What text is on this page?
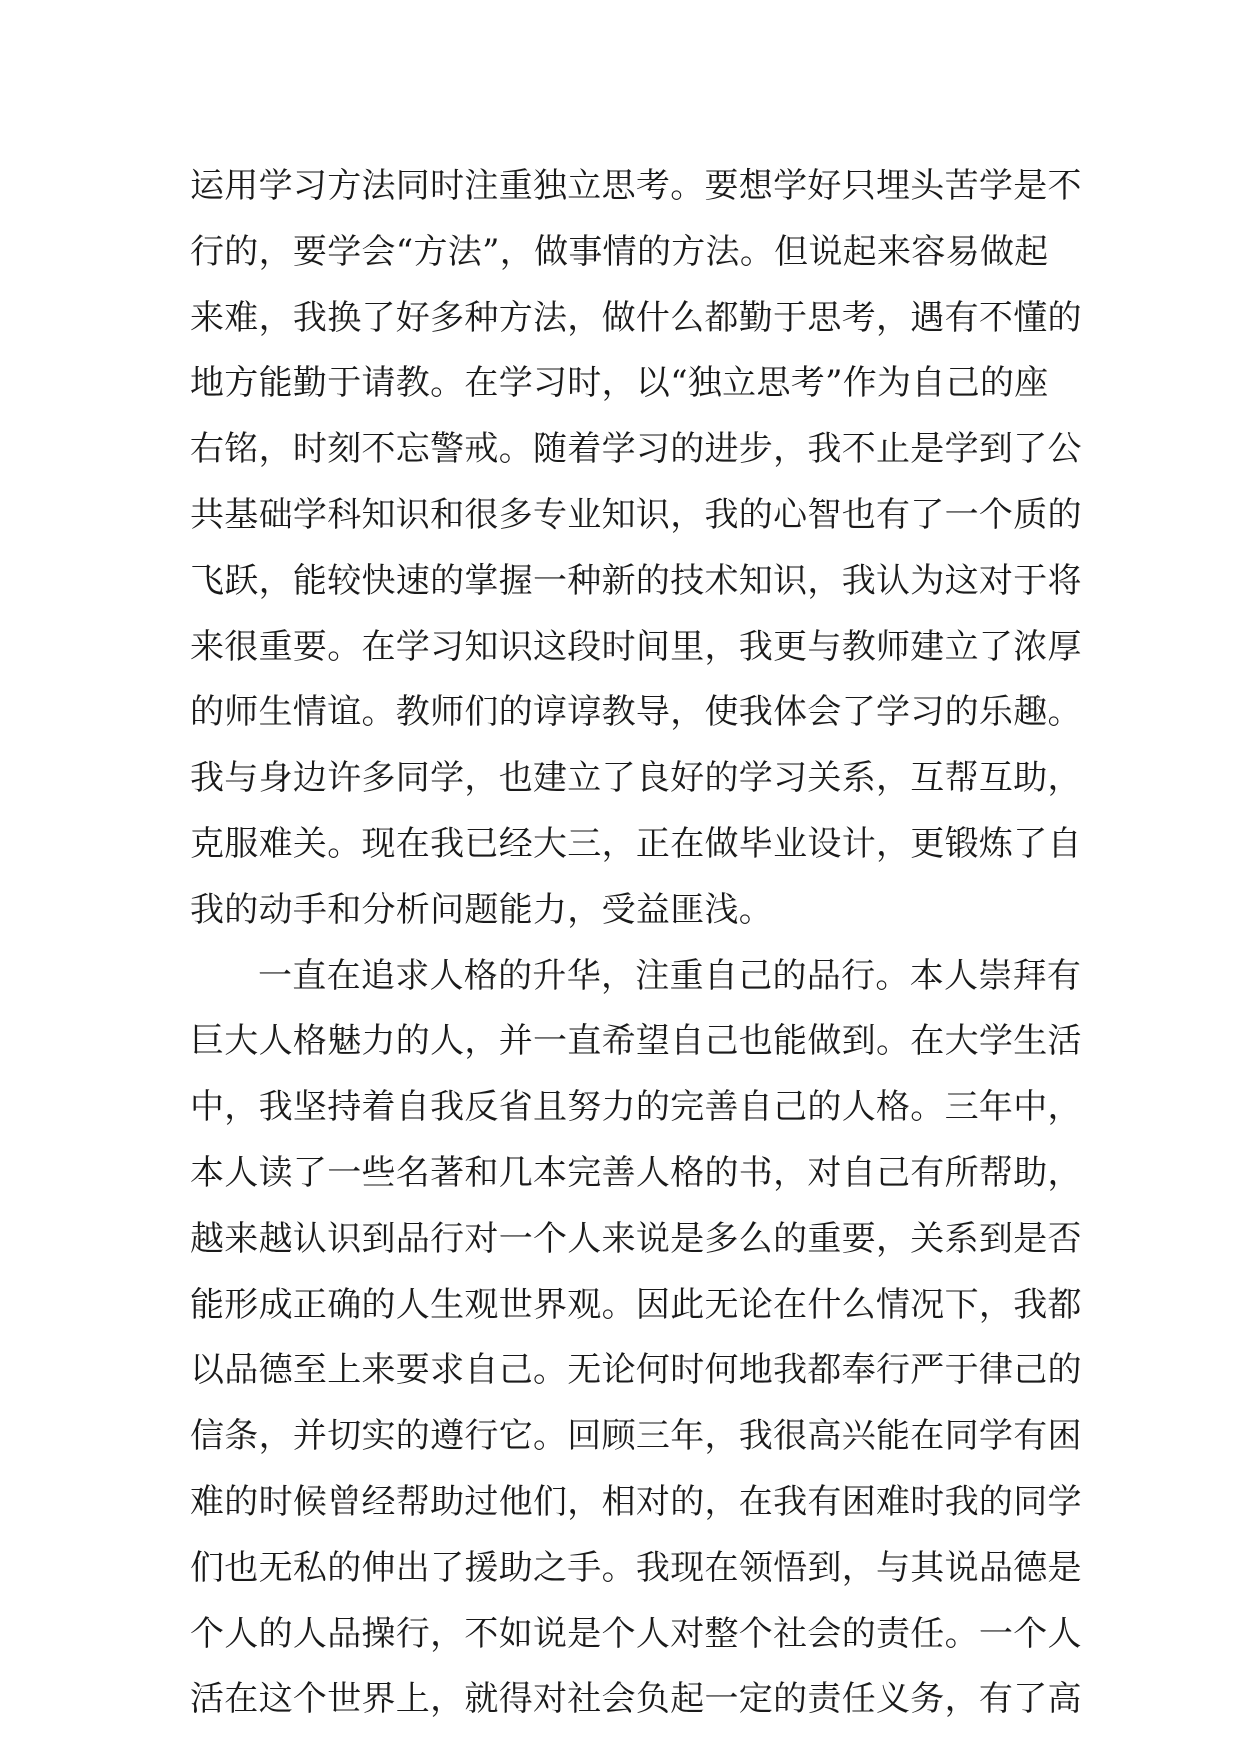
运用学习方法同时注重独立思考。要想学好只埋头苦学是不
行的，要学会“方法”，做事情的方法。但说起来容易做起
来难，我换了好多种方法，做什么都勤于思考，遇有不懂的
地方能勤于请教。在学习时，以“独立思考”作为自己的座
右铭，时刻不忘警戒。随着学习的进步，我不止是学到了公
共基础学科知识和很多专业知识，我的心智也有了一个质的
飞跃，能较快速的掌握一种新的技术知识，我认为这对于将
来很重要。在学习知识这段时间里，我更与教师建立了浓厚
的师生情谊。教师们的谆谆教导，使我体会了学习的乐趣。
我与身边许多同学，也建立了良好的学习关系，互帮互助，
克服难关。现在我已经大三，正在做毕业设计，更锻炼了自
我的动手和分析问题能力，受益匪浅。
一直在追求人格的升华，注重自己的品行。本人崇拜有
巨大人格魅力的人，并一直希望自己也能做到。在大学生活
中，我坚持着自我反省且努力的完善自己的人格。三年中，
本人读了一些名著和几本完善人格的书，对自己有所帮助，
越来越认识到品行对一个人来说是多么的重要，关系到是否
能形成正确的人生观世界观。因此无论在什么情况下，我都
以品德至上来要求自己。无论何时何地我都奉行严于律己的
信条，并切实的遵行它。回顾三年，我很高兴能在同学有困
难的时候曾经帮助过他们，相对的，在我有困难时我的同学
们也无私的伸出了援助之手。我现在领悟到，与其说品德是
个人的人品操行，不如说是个人对整个社会的责任。一个人
活在这个世界上，就得对社会负起一定的责任义务，有了高
